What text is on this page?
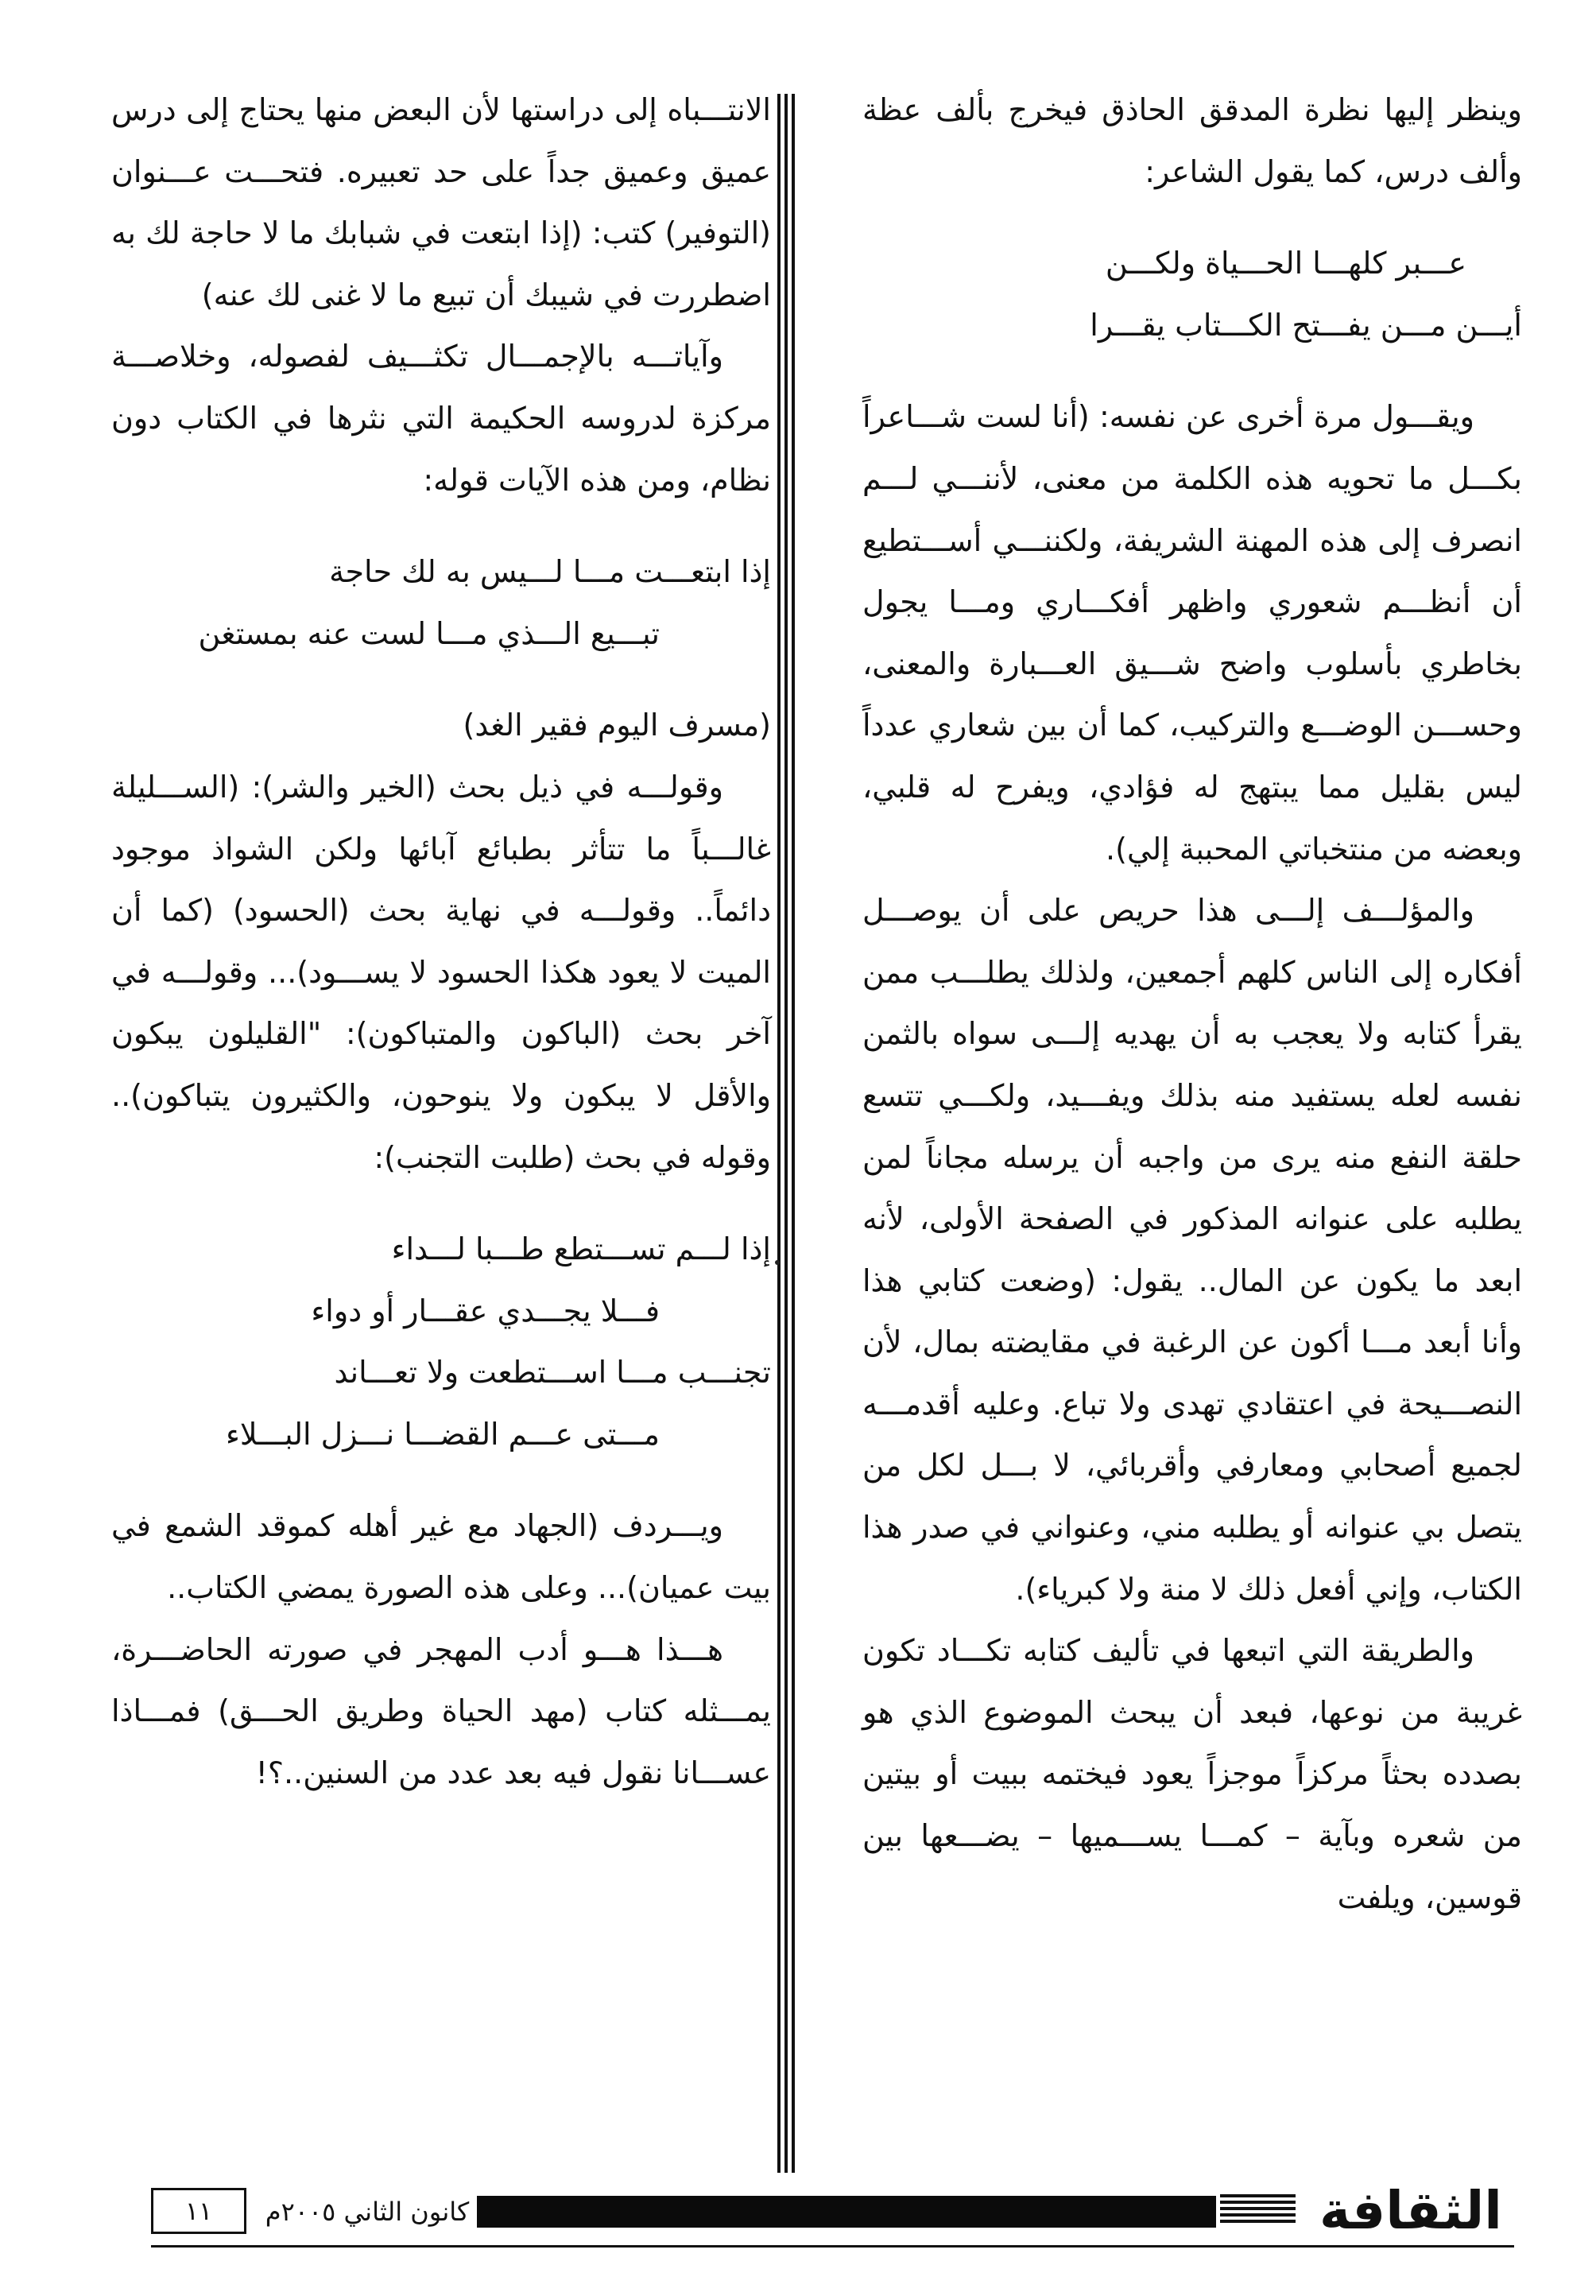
وينظر إليها نظرة المدقق الحاذق فيخرج بألف عظة وألف درس، كما يقول الشاعر:

عـــبر كلهـــا الحـــياة ولكـــن

أيـــن مـــن يفـــتح الكـــتاب يقـــرا

ويقـــول مرة أخرى عن نفسه: (أنا لست شـــاعراً بكـــل ما تحويه هذه الكلمة من معنى، لأننـــي لـــم انصرف إلى هذه المهنة الشريفة، ولكننـــي أســـتطيع أن أنظـــم شعوري واظهر أفكـــاري ومـــا يجول بخاطري بأسلوب واضح شـــيق العـــبارة والمعنى، وحســـن الوضـــع والتركيب، كما أن بين شعاري عدداً ليس بقليل مما يبتهج له فؤادي، ويفرح له قلبي، وبعضه من منتخباتي المحببة إلي).

والمؤلـــف إلـــى هذا حريص على أن يوصـــل أفكاره إلى الناس كلهم أجمعين، ولذلك يطلـــب ممن يقرأ كتابه ولا يعجب به أن يهديه إلـــى سواه بالثمن نفسه لعله يستفيد منه بذلك ويفـــيد، ولكـــي تتسع حلقة النفع منه يرى من واجبه أن يرسله مجاناً لمن يطلبه على عنوانه المذكور في الصفحة الأولى، لأنه ابعد ما يكون عن المال.. يقول: (وضعت كتابي هذا وأنا أبعد مـــا أكون عن الرغبة في مقايضته بمال، لأن النصـــيحة في اعتقادي تهدى ولا تباع. وعليه أقدمـــه لجميع أصحابي ومعارفي وأقربائي، لا بـــل لكل من يتصل بي عنوانه أو يطلبه مني، وعنواني في صدر هذا الكتاب، وإني أفعل ذلك لا منة ولا كبرياء).

والطريقة التي اتبعها في تأليف كتابه تكـــاد تكون غريبة من نوعها، فبعد أن يبحث الموضوع الذي هو بصدده بحثاً مركزاً موجزاً يعود فيختمه ببيت أو بيتين من شعره وبآية – كمـــا يســـميها – يضـــعها بين قوسين، ويلفت

الانتـــباه إلى دراستها لأن البعض منها يحتاج إلى درس عميق وعميق جداً على حد تعبيره. فتحـــت عـــنوان (التوفير) كتب: (إذا ابتعت في شبابك ما لا حاجة لك به اضطررت في شيبك أن تبيع ما لا غنى لك عنه)

وآياتـــه بالإجمـــال تكثـــيف لفصوله، وخلاصـــة مركزة لدروسه الحكيمة التي نثرها في الكتاب دون نظام، ومن هذه الآيات قوله:

إذا ابتعـــت مـــا لـــيس به لك حاجة

تبـــيع الـــذي مـــا لست عنه بمستغن

(مسرف اليوم فقير الغد)

وقولـــه في ذيل بحث (الخير والشر): (الســـليلة غالـــباً ما تتأثر بطبائع آبائها ولكن الشواذ موجود دائماً.. وقولـــه في نهاية بحث (الحسود) (كما أن الميت لا يعود هكذا الحسود لا يســـود)... وقولـــه في آخر بحث (الباكون والمتباكون): "القليلون يبكون والأقل لا يبكون ولا ينوحون، والكثيرون يتباكون).. وقوله في بحث (طلبت التجنب):

إذا لـــم تســـتطع طـــبا لـــداء

فـــلا يجـــدي عقـــار أو دواء

تجنـــب مـــا اســـتطعت ولا تعـــاند

مـــتى عـــم القضـــا نـــزل البـــلاء

ويـــردف (الجهاد مع غير أهله كموقد الشمع في بيت عميان)... وعلى هذه الصورة يمضي الكتاب..

هـــذا هـــو أدب المهجر في صورته الحاضـــرة، يمـــثله كتاب (مهد الحياة وطريق الحـــق) فمـــاذا عســـانا نقول فيه بعد عدد من السنين..؟!

١١	كانون الثاني ٢٠٠٥م	الثقافة
